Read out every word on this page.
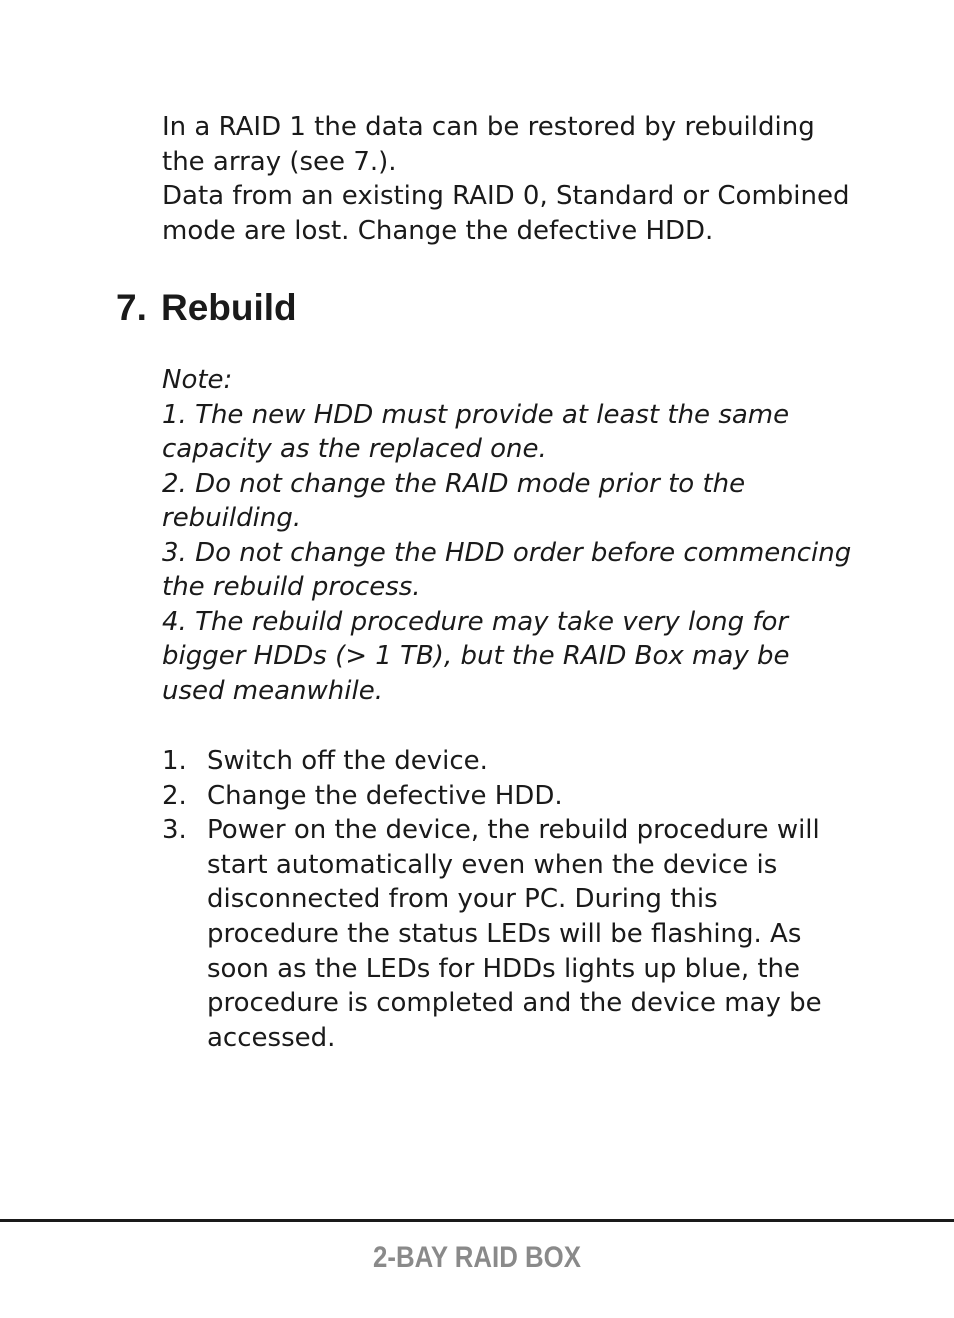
In a RAID 1 the data can be restored by rebuilding the array (see 7.).

Data from an existing RAID 0, Standard or Combined mode are lost. Change the defective HDD.

7. Rebuild

Note:

1. The new HDD must provide at least the same capacity as the replaced one.

2. Do not change the RAID mode prior to the rebuilding.

3. Do not change the HDD order before commencing the rebuild process.

4. The rebuild procedure may take very long for bigger HDDs (> 1 TB), but the RAID Box may be used meanwhile.

1. Switch off the device.
2. Change the defective HDD.
3. Power on the device, the rebuild procedure will start automatically even when the device is disconnected from your PC. During this procedure the status LEDs will be flashing. As soon as the LEDs for HDDs lights up blue, the procedure is completed and the device may be accessed.
2-BAY RAID BOX
